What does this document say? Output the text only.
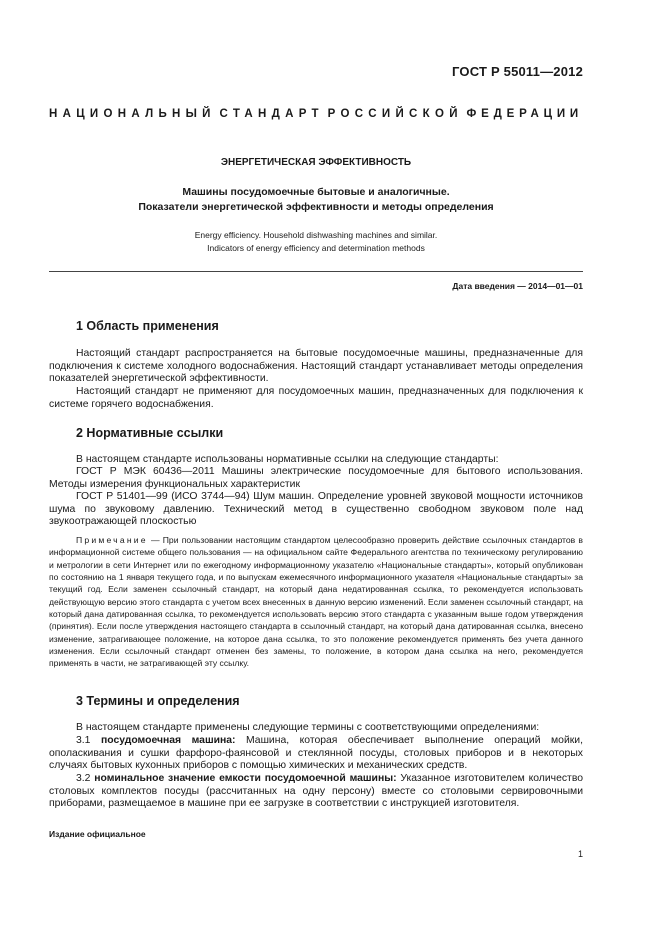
ГОСТ Р 55011—2012
НАЦИОНАЛЬНЫЙ СТАНДАРТ РОССИЙСКОЙ ФЕДЕРАЦИИ
ЭНЕРГЕТИЧЕСКАЯ ЭФФЕКТИВНОСТЬ
Машины посудомоечные бытовые и аналогичные.
Показатели энергетической эффективности и методы определения
Energy efficiency. Household dishwashing machines and similar.
Indicators of energy efficiency and determination methods
Дата введения — 2014—01—01
1 Область применения
Настоящий стандарт распространяется на бытовые посудомоечные машины, предназначенные для подключения к системе холодного водоснабжения. Настоящий стандарт устанавливает методы определения показателей энергетической эффективности.
Настоящий стандарт не применяют для посудомоечных машин, предназначенных для подключения к системе горячего водоснабжения.
2 Нормативные ссылки
В настоящем стандарте использованы нормативные ссылки на следующие стандарты:
ГОСТ Р МЭК 60436—2011 Машины электрические посудомоечные для бытового использования. Методы измерения функциональных характеристик
ГОСТ Р 51401—99 (ИСО 3744—94) Шум машин. Определение уровней звуковой мощности источников шума по звуковому давлению. Технический метод в существенно свободном звуковом поле над звукоотражающей плоскостью
Примечание — При пользовании настоящим стандартом целесообразно проверить действие ссылочных стандартов в информационной системе общего пользования — на официальном сайте Федерального агентства по техническому регулированию и метрологии в сети Интернет или по ежегодному информационному указателю «Национальные стандарты», который опубликован по состоянию на 1 января текущего года, и по выпускам ежемесячного информационного указателя «Национальные стандарты» за текущий год. Если заменен ссылочный стандарт, на который дана недатированная ссылка, то рекомендуется использовать действующую версию этого стандарта с учетом всех внесенных в данную версию изменений. Если заменен ссылочный стандарт, на который дана датированная ссылка, то рекомендуется использовать версию этого стандарта с указанным выше годом утверждения (принятия). Если после утверждения настоящего стандарта в ссылочный стандарт, на который дана датированная ссылка, внесено изменение, затрагивающее положение, на которое дана ссылка, то это положение рекомендуется применять без учета данного изменения. Если ссылочный стандарт отменен без замены, то положение, в котором дана ссылка на него, рекомендуется применять в части, не затрагивающей эту ссылку.
3 Термины и определения
В настоящем стандарте применены следующие термины с соответствующими определениями:
3.1 посудомоечная машина: Машина, которая обеспечивает выполнение операций мойки, ополаскивания и сушки фарфоро-фаянсовой и стеклянной посуды, столовых приборов и в некоторых случаях бытовых кухонных приборов с помощью химических и механических средств.
3.2 номинальное значение емкости посудомоечной машины: Указанное изготовителем количество столовых комплектов посуды (рассчитанных на одну персону) вместе со столовыми сервировочными приборами, размещаемое в машине при ее загрузке в соответствии с инструкцией изготовителя.
Издание официальное
1
